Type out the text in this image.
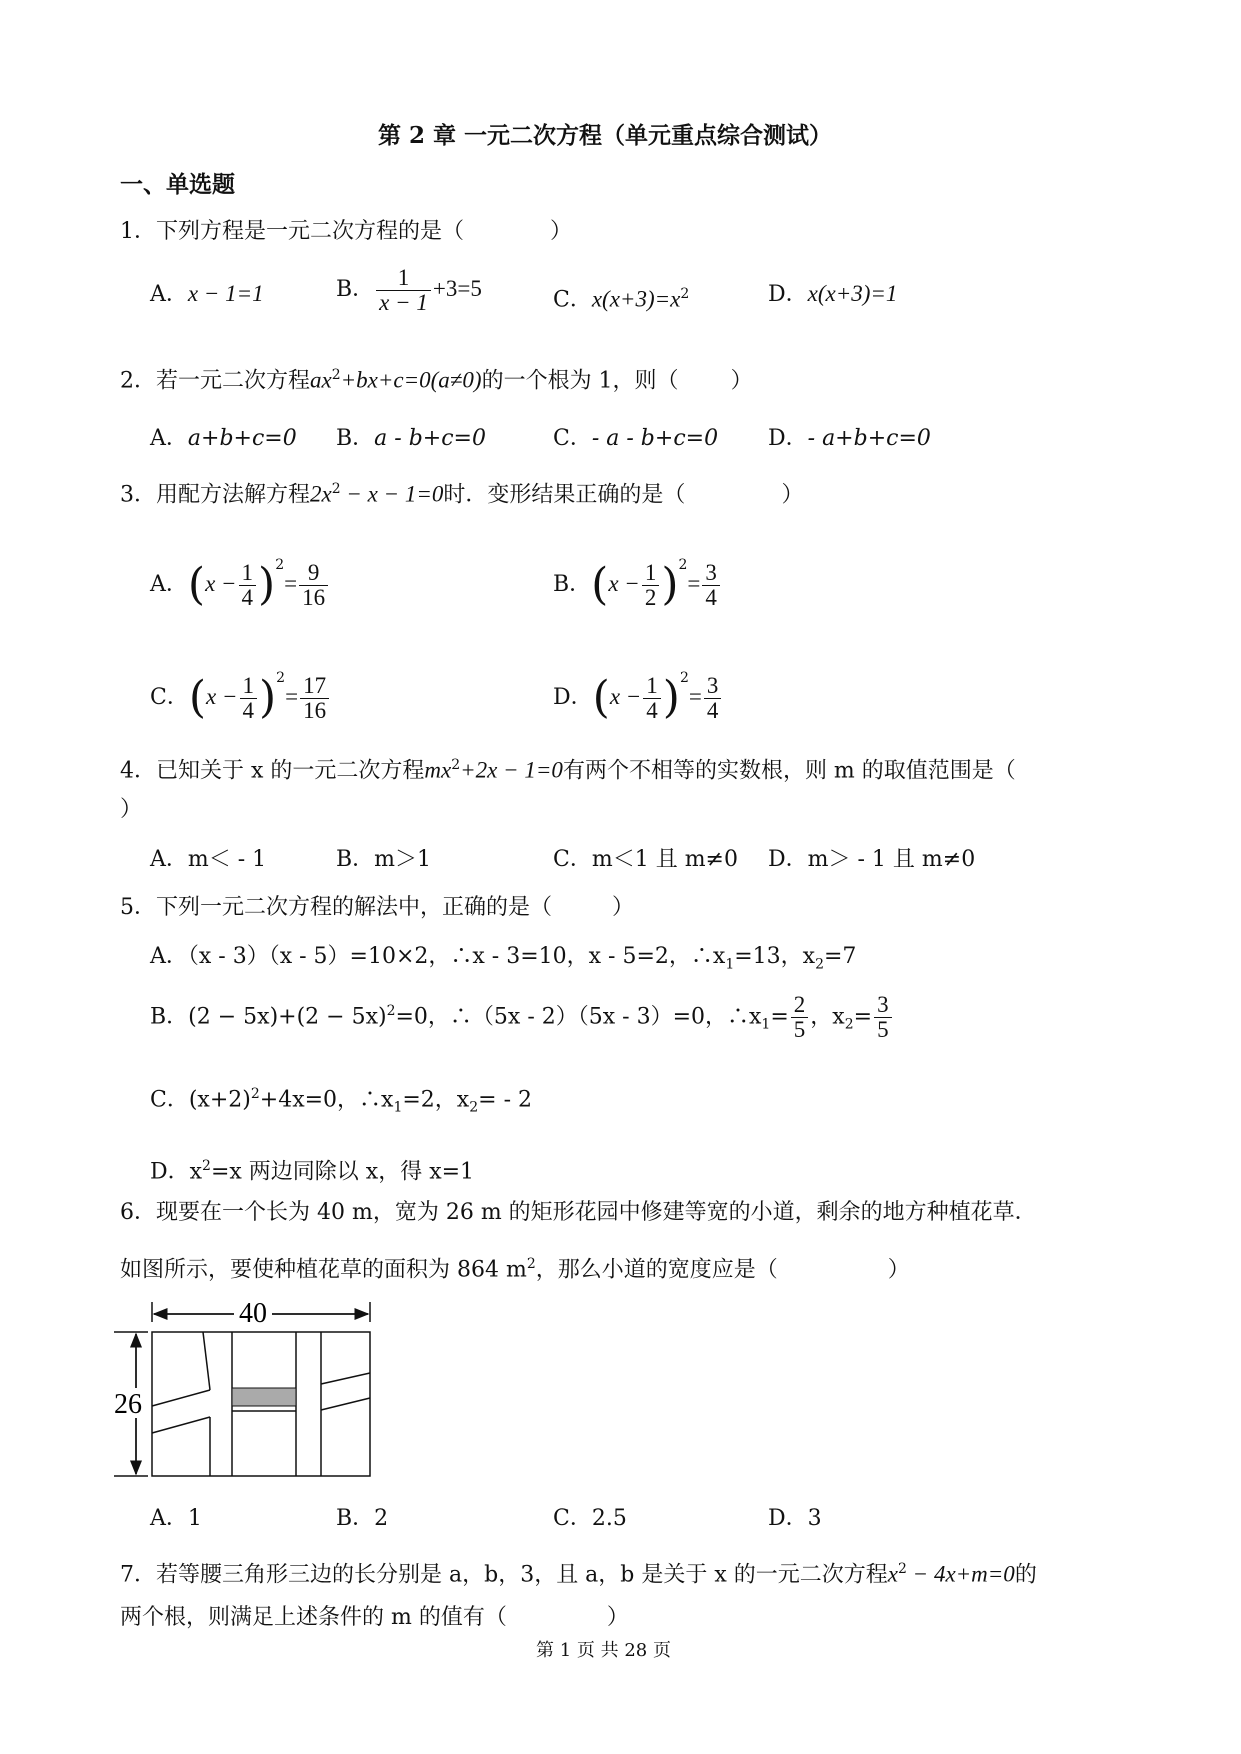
第 2 章 一元二次方程（单元重点综合测试）
一、单选题
1．下列方程是一元二次方程的是（	）
A．x − 1=1	B． $\frac{1}{x - 1} +3=5$	C．$x(x+3)=x^2$	D．x(x+3)=1
2．若一元二次方程$ax^2+bx+c=0(a\ne 0)$的一个根为 1，则（ ）
A．a+b+c=0 B．a - b+c=0	C．- a - b+c=0 D．- a+b+c=0
3．用配方法解方程$2x^2 - x - 1=0$时．变形结果正确的是（	）
A．$(x - \frac{1}{4} )^2= \frac{9}{16}$	B．$(x - \frac{1}{2} )^2= \frac{3}{4}$
C．$(x - \frac{1}{4} )^2= \frac{17}{16}$	D．$(x - \frac{1}{4} )^2= \frac{3}{4}$
4．已知关于 x 的一元二次方程$mx^2+2x - 1=0$有两个不相等的实数根，则 m 的取值范围是（
）
A．m＜ - 1	B．m＞1	C．m＜1 且 m≠0 D．m＞ - 1 且 m≠0
5．下列一元二次方程的解法中，正确的是（	）
A．（x - 3）（x - 5）=10×2，∴x - 3=10，x - 5=2，$\therefore x_1=13$，$x_2=7$
B．$(2 - 5x)+(2 - 5x)^2=0$，∴（5x - 2）（5x - 3）=0，$\therefore x_1= \frac{2}{5}$ ，$x_2= \frac{3}{5}$
C．$(x+2)^2+4x=0$，$\therefore x_1=2$，$x_2= - 2$
D．$x^2=x$ 两边同除以 x，得 x=1
6．现要在一个长为 40 m，宽为 26 m 的矩形花园中修建等宽的小道，剩余的地方种植花草．
如图所示，要使种植花草的面积为 864 $m^2$，那么小道的宽度应是（	）
40
26
A．1	B．2	C．2.5	D．3
7．若等腰三角形三边的长分别是 a，b，3，且 a，b 是关于 x 的一元二次方程$x^2 - 4x+m=0$的
两个根，则满足上述条件的 m 的值有（	）
第 1 页 共 28 页
